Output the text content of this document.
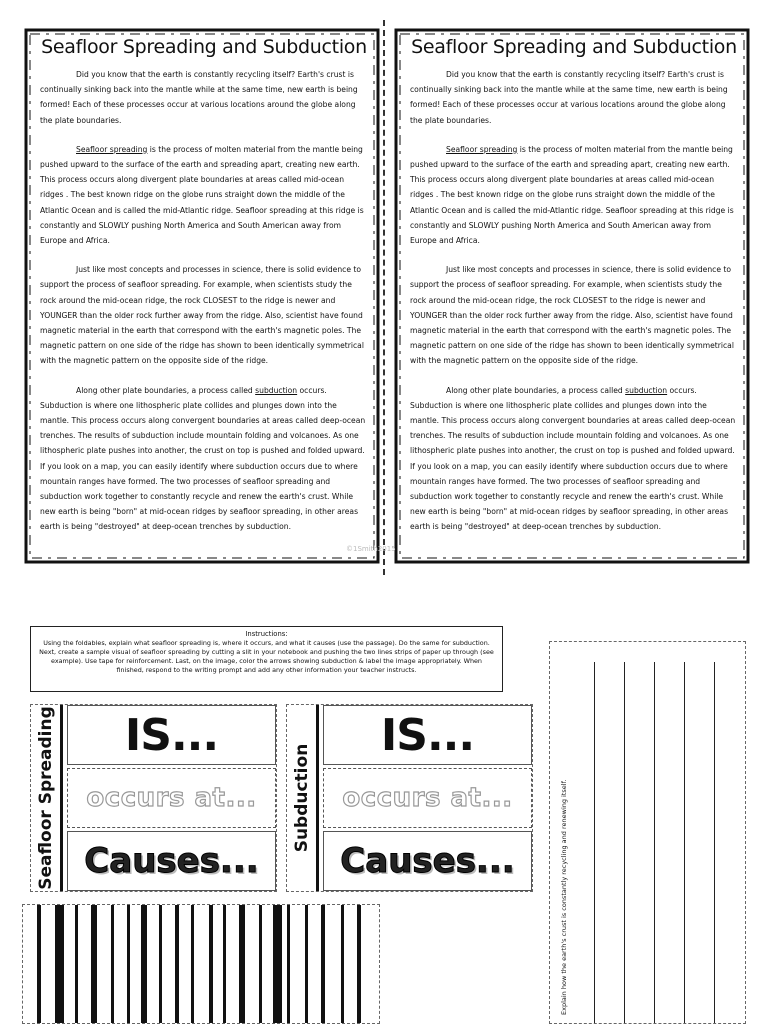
Seafloor Spreading and Subduction

Did you know that the earth is constantly recycling itself? Earth's crust is continually sinking back into the mantle while at the same time, new earth is being formed! Each of these processes occur at various locations around the globe along the plate boundaries.

Seafloor spreading is the process of molten material from the mantle being pushed upward to the surface of the earth and spreading apart, creating new earth. This process occurs along divergent plate boundaries at areas called mid-ocean ridges . The best known ridge on the globe runs straight down the middle of the Atlantic Ocean and is called the mid-Atlantic ridge. Seafloor spreading at this ridge is constantly and SLOWLY pushing North America and South American away from Europe and Africa.

Just like most concepts and processes in science, there is solid evidence to support the process of seafloor spreading. For example, when scientists study the rock around the mid-ocean ridge, the rock CLOSEST to the ridge is newer and YOUNGER than the older rock further away from the ridge. Also, scientist have found magnetic material in the earth that correspond with the earth's magnetic poles. The magnetic pattern on one side of the ridge has shown to been identically symmetrical with the magnetic pattern on the opposite side of the ridge.

Along other plate boundaries, a process called subduction occurs. Subduction is where one lithospheric plate collides and plunges down into the mantle. This process occurs along convergent boundaries at areas called deep-ocean trenches. The results of subduction include mountain folding and volcanoes. As one lithospheric plate pushes into another, the crust on top is pushed and folded upward. If you look on a map, you can easily identify where subduction occurs due to where mountain ranges have formed. The two processes of seafloor spreading and subduction work together to constantly recycle and renew the earth's crust. While new earth is being "born" at mid-ocean ridges by seafloor spreading, in other areas earth is being "destroyed" at deep-ocean trenches by subduction.

Seafloor Spreading and Subduction

Did you know that the earth is constantly recycling itself? Earth's crust is continually sinking back into the mantle while at the same time, new earth is being formed! Each of these processes occur at various locations around the globe along the plate boundaries.

Seafloor spreading is the process of molten material from the mantle being pushed upward to the surface of the earth and spreading apart, creating new earth. This process occurs along divergent plate boundaries at areas called mid-ocean ridges . The best known ridge on the globe runs straight down the middle of the Atlantic Ocean and is called the mid-Atlantic ridge. Seafloor spreading at this ridge is constantly and SLOWLY pushing North America and South American away from Europe and Africa.

Just like most concepts and processes in science, there is solid evidence to support the process of seafloor spreading. For example, when scientists study the rock around the mid-ocean ridge, the rock CLOSEST to the ridge is newer and YOUNGER than the older rock further away from the ridge. Also, scientist have found magnetic material in the earth that correspond with the earth's magnetic poles. The magnetic pattern on one side of the ridge has shown to been identically symmetrical with the magnetic pattern on the opposite side of the ridge.

Along other plate boundaries, a process called subduction occurs. Subduction is where one lithospheric plate collides and plunges down into the mantle. This process occurs along convergent boundaries at areas called deep-ocean trenches. The results of subduction include mountain folding and volcanoes. As one lithospheric plate pushes into another, the crust on top is pushed and folded upward. If you look on a map, you can easily identify where subduction occurs due to where mountain ranges have formed. The two processes of seafloor spreading and subduction work together to constantly recycle and renew the earth's crust. While new earth is being "born" at mid-ocean ridges by seafloor spreading, in other areas earth is being "destroyed" at deep-ocean trenches by subduction.

©1Smith2015
Instructions:
Using the foldables, explain what seafloor spreading is, where it occurs, and what it causes (use the passage). Do the same for subduction. Next, create a sample visual of seafloor spreading by cutting a slit in your notebook and pushing the two lines strips of paper up through (see example). Use tape for reinforcement. Last, on the image, color the arrows showing subduction & label the image appropriately. When finished, respond to the writing prompt and add any other information your teacher instructs.
Seafloor Spreading IS...
occurs at...
Causes...
Subduction
IS...
occurs at...
Causes...	Explain how the earth's crust is constantly recycling and renewing itself.
